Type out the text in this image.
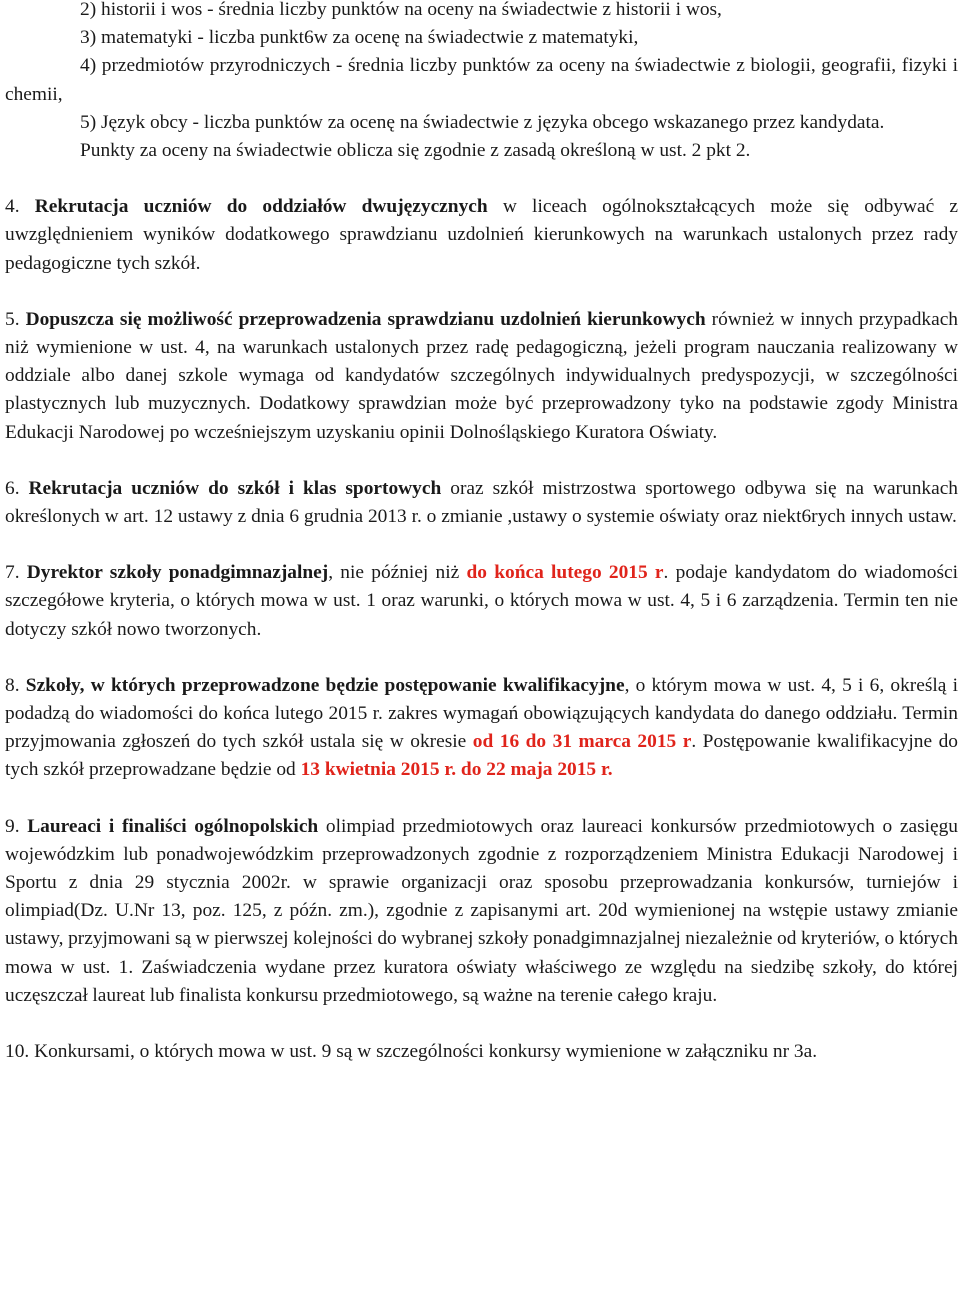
2) historii i wos - średnia liczby punktów na oceny na świadectwie z historii i wos,

3) matematyki - liczba punkt6w za ocenę na świadectwie z matematyki,

4) przedmiotów przyrodniczych - średnia liczby punktów za oceny na świadectwie z biologii, geografii, fizyki i chemii,

5) Język obcy - liczba punktów za ocenę na świadectwie z języka obcego wskazanego przez kandydata.

Punkty za oceny na świadectwie oblicza się zgodnie z zasadą określoną w ust. 2 pkt 2.

4. Rekrutacja uczniów do oddziałów dwujęzycznych w liceach ogólnokształcących może się odbywać z uwzględnieniem wyników dodatkowego sprawdzianu uzdolnień kierunkowych na warunkach ustalonych przez rady pedagogiczne tych szkół.

5. Dopuszcza się możliwość przeprowadzenia sprawdzianu uzdolnień kierunkowych również w innych przypadkach niż wymienione w ust. 4, na warunkach ustalonych przez radę pedagogiczną, jeżeli program nauczania realizowany w oddziale albo danej szkole wymaga od kandydatów szczególnych indywidualnych predyspozycji, w szczególności plastycznych lub muzycznych. Dodatkowy sprawdzian może być przeprowadzony tyko na podstawie zgody Ministra Edukacji Narodowej po wcześniejszym uzyskaniu opinii Dolnośląskiego Kuratora Oświaty.

6. Rekrutacja uczniów do szkół i klas sportowych oraz szkół mistrzostwa sportowego odbywa się na warunkach określonych w art. 12 ustawy z dnia 6 grudnia 2013 r. o zmianie ,ustawy o systemie oświaty oraz niekt6rych innych ustaw.

7. Dyrektor szkoły ponadgimnazjalnej, nie później niż do końca lutego 2015 r. podaje kandydatom do wiadomości szczegółowe kryteria, o których mowa w ust. 1 oraz warunki, o których mowa w ust. 4, 5 i 6 zarządzenia. Termin ten nie dotyczy szkół nowo tworzonych.

8. Szkoły, w których przeprowadzone będzie postępowanie kwalifikacyjne, o którym mowa w ust. 4, 5 i 6, określą i podadzą do wiadomości do końca lutego 2015 r. zakres wymagań obowiązujących kandydata do danego oddziału. Termin przyjmowania zgłoszeń do tych szkół ustala się w okresie od 16 do 31 marca 2015 r. Postępowanie kwalifikacyjne do tych szkół przeprowadzane będzie od 13 kwietnia 2015 r. do 22 maja 2015 r.

9. Laureaci i finaliści ogólnopolskich olimpiad przedmiotowych oraz laureaci konkursów przedmiotowych o zasięgu wojewódzkim lub ponadwojewódzkim przeprowadzonych zgodnie z rozporządzeniem Ministra Edukacji Narodowej i Sportu z dnia 29 stycznia 2002r. w sprawie organizacji oraz sposobu przeprowadzania konkursów, turniejów i olimpiad(Dz. U.Nr 13, poz. 125, z późn. zm.), zgodnie z zapisanymi art. 20d wymienionej na wstępie ustawy zmianie ustawy, przyjmowani są w pierwszej kolejności do wybranej szkoły ponadgimnazjalnej niezależnie od kryteriów, o których mowa w ust. 1. Zaświadczenia wydane przez kuratora oświaty właściwego ze względu na siedzibę szkoły, do której uczęszczał laureat lub finalista konkursu przedmiotowego, są ważne na terenie całego kraju.

10. Konkursami, o których mowa w ust. 9 są w szczególności konkursy wymienione w załączniku nr 3a.
